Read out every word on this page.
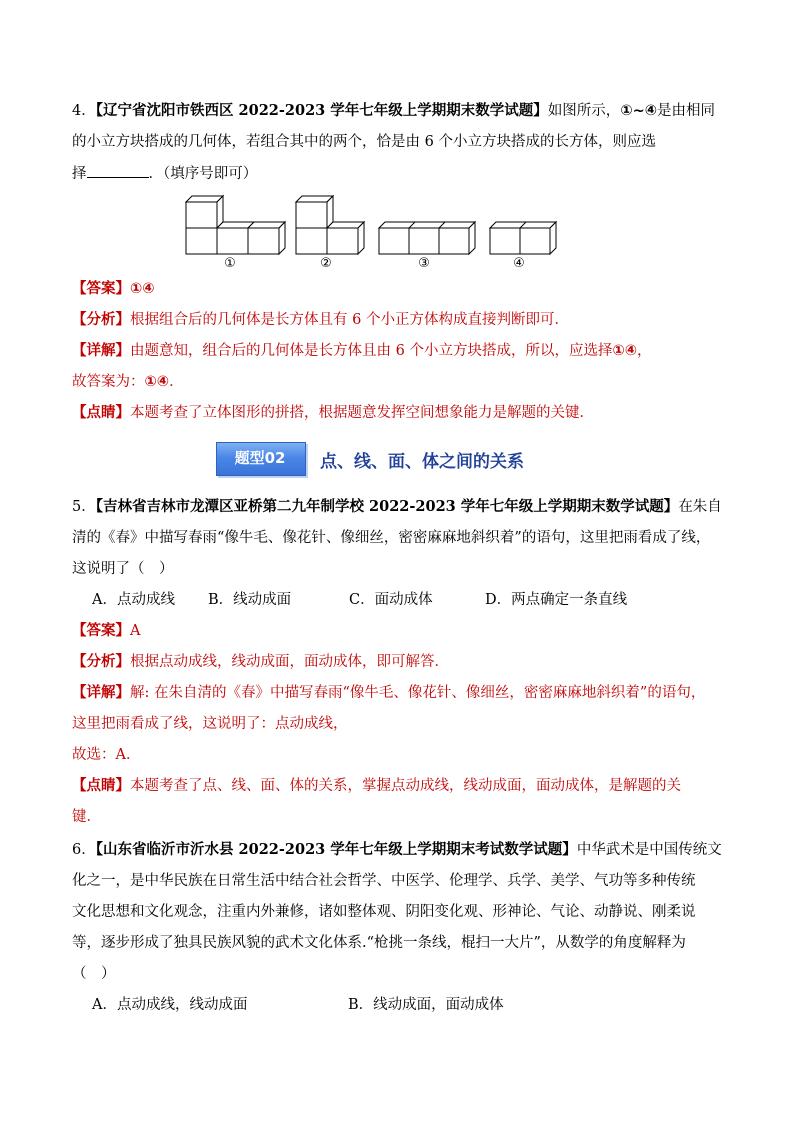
4．【辽宁省沈阳市铁西区 2022-2023 学年七年级上学期期末数学试题】如图所示，①~④是由相同
的小立方块搭成的几何体，若组合其中的两个，恰是由 6 个小立方块搭成的长方体，则应选
择	．（填序号即可）
①	②	③	④
【答案】①④
【分析】根据组合后的几何体是长方体且有 6 个小正方体构成直接判断即可．
【详解】由题意知，组合后的几何体是长方体且由 6 个小立方块搭成，所以，应选择①④，
故答案为：①④．
【点睛】本题考查了立体图形的拼搭，根据题意发挥空间想象能力是解题的关键．
题型02	点、线、面、体之间的关系
5．【吉林省吉林市龙潭区亚桥第二九年制学校 2022-2023 学年七年级上学期期末数学试题】在朱自
清的《春》中描写春雨“像牛毛、像花针、像细丝，密密麻麻地斜织着”的语句，这里把雨看成了线，
这说明了（　）
A．点动成线 B．线动成面	C．面动成体	D．两点确定一条直线
【答案】A
【分析】根据点动成线，线动成面，面动成体，即可解答．
【详解】解: 在朱自清的《春》中描写春雨“像牛毛、像花针、像细丝，密密麻麻地斜织着”的语句，
这里把雨看成了线，这说明了：点动成线，
故选：A．
【点睛】本题考查了点、线、面、体的关系，掌握点动成线，线动成面，面动成体，是解题的关
键．
6．【山东省临沂市沂水县 2022-2023 学年七年级上学期期末考试数学试题】中华武术是中国传统文
化之一，是中华民族在日常生活中结合社会哲学、中医学、伦理学、兵学、美学、气功等多种传统
文化思想和文化观念，注重内外兼修，诸如整体观、阴阳变化观、形神论、气论、动静说、刚柔说
等，逐步形成了独具民族风貌的武术文化体系.“枪挑一条线，棍扫一大片”，从数学的角度解释为
（　）
A．点动成线，线动成面	B．线动成面，面动成体
